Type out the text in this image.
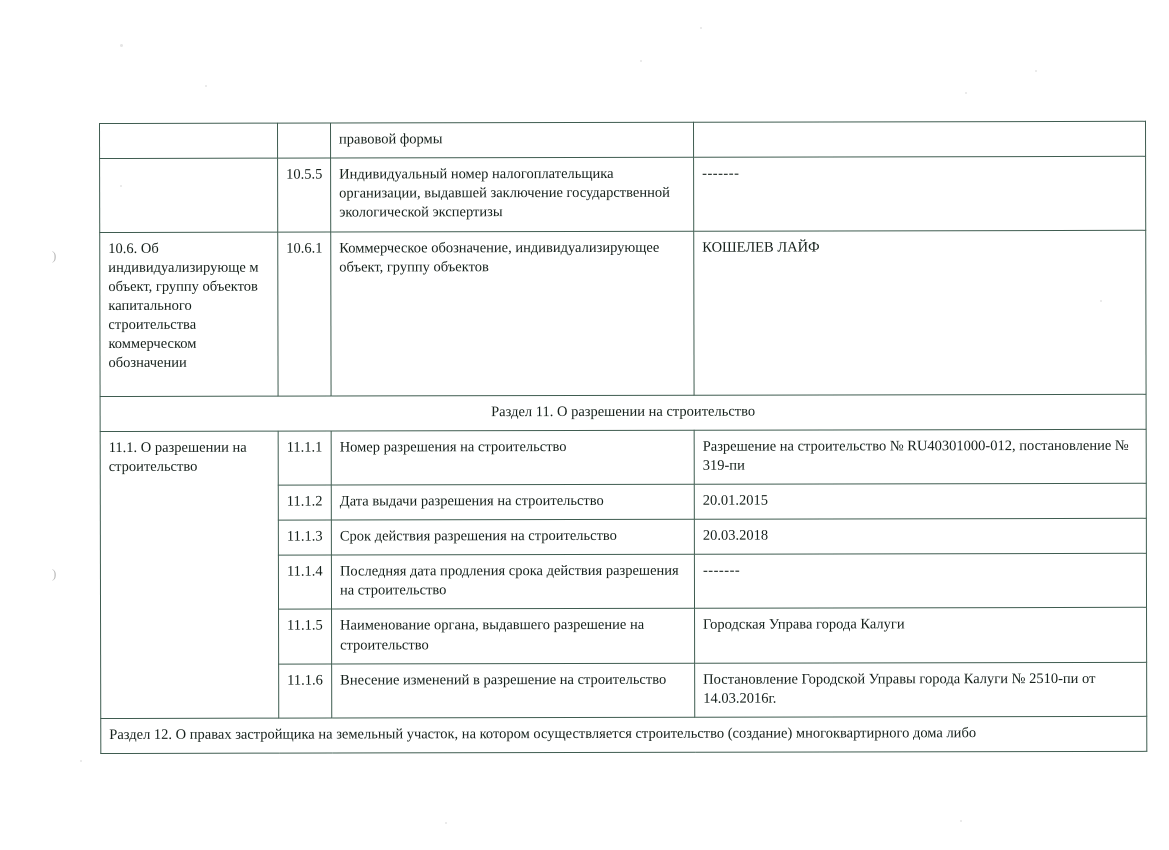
)
)
		правовой формы	
	10.5.5	Индивидуальный номер налогоплательщика организации, выдавшей заключение государственной экологической экспертизы	-------
10.6. Об индивидуализирующе м объект, группу объектов капитального строительства коммерческом обозначении	10.6.1	Коммерческое обозначение, индивидуализирующее объект, группу объектов	КОШЕЛЕВ ЛАЙФ
Раздел 11. О разрешении на строительство			
11.1. О разрешении на строительство	11.1.1	Номер разрешения на строительство	Разрешение на строительство № RU40301000-012, постановление № 319-пи
	11.1.2	Дата выдачи разрешения на строительство	20.01.2015
	11.1.3	Срок действия разрешения на строительство	20.03.2018
	11.1.4	Последняя дата продления срока действия разрешения на строительство	-------
	11.1.5	Наименование органа, выдавшего разрешение на строительство	Городская Управа города Калуги
	11.1.6	Внесение изменений в разрешение на строительство	Постановление Городской Управы города Калуги № 2510-пи от 14.03.2016г.
Раздел 12. О правах застройщика на земельный участок, на котором осуществляется строительство (создание) многоквартирного дома либо			
